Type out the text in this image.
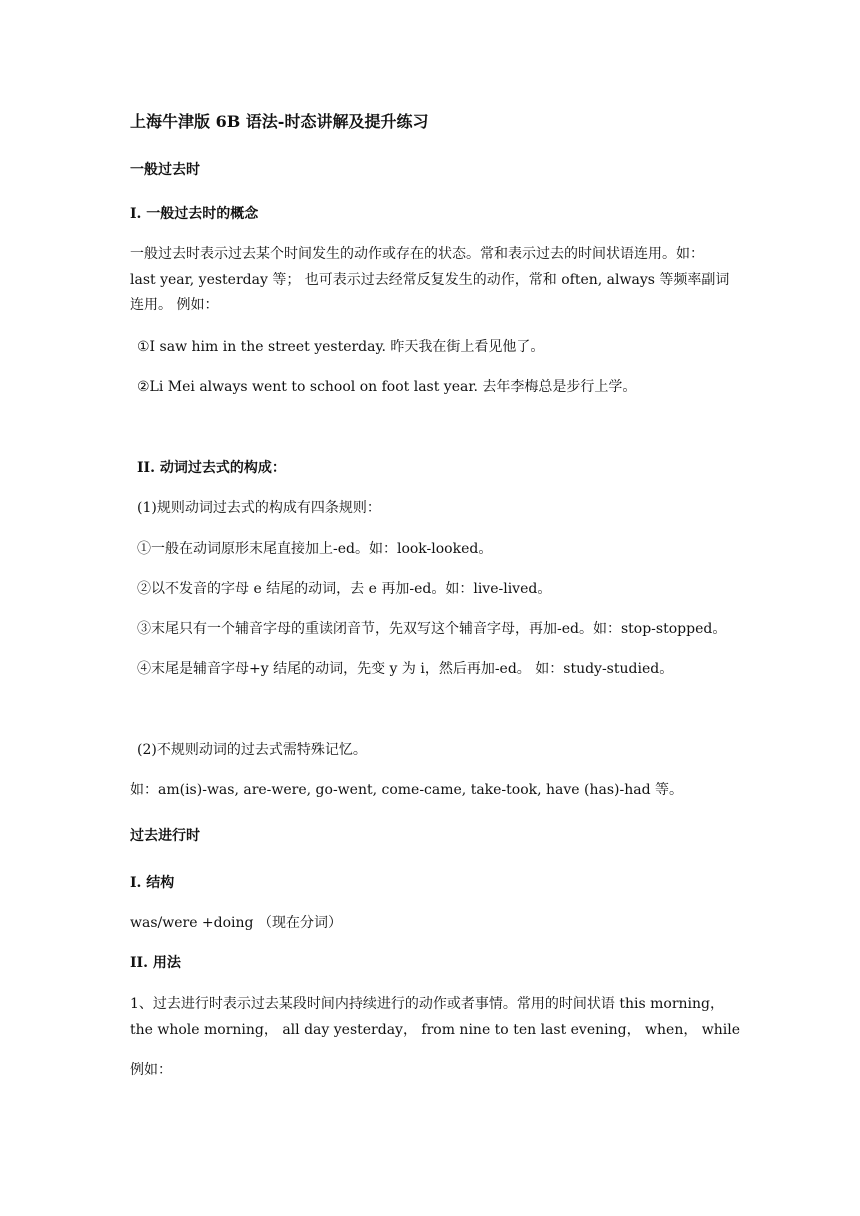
上海牛津版 6B 语法-时态讲解及提升练习
一般过去时
I. 一般过去时的概念
一般过去时表示过去某个时间发生的动作或存在的状态。常和表示过去的时间状语连用。如：
last year, yesterday 等； 也可表示过去经常反复发生的动作，常和 often, always 等频率副词
连用。 例如：
①I saw him in the street yesterday. 昨天我在街上看见他了。
②Li Mei always went to school on foot last year. 去年李梅总是步行上学。
II. 动词过去式的构成：
(1)规则动词过去式的构成有四条规则：
①一般在动词原形末尾直接加上-ed。如：look-looked。
②以不发音的字母 e 结尾的动词，去 e 再加-ed。如：live-lived。
③末尾只有一个辅音字母的重读闭音节，先双写这个辅音字母，再加-ed。如：stop-stopped。
④末尾是辅音字母+y 结尾的动词，先变 y 为 i，然后再加-ed。 如：study-studied。
(2)不规则动词的过去式需特殊记忆。
如：am(is)-was, are-were, go-went, come-came, take-took, have (has)-had 等。
过去进行时
I. 结构
was/were +doing （现在分词）
II. 用法
1、过去进行时表示过去某段时间内持续进行的动作或者事情。常用的时间状语 this morning，
the whole morning， all day yesterday， from nine to ten last evening， when， while
例如：
